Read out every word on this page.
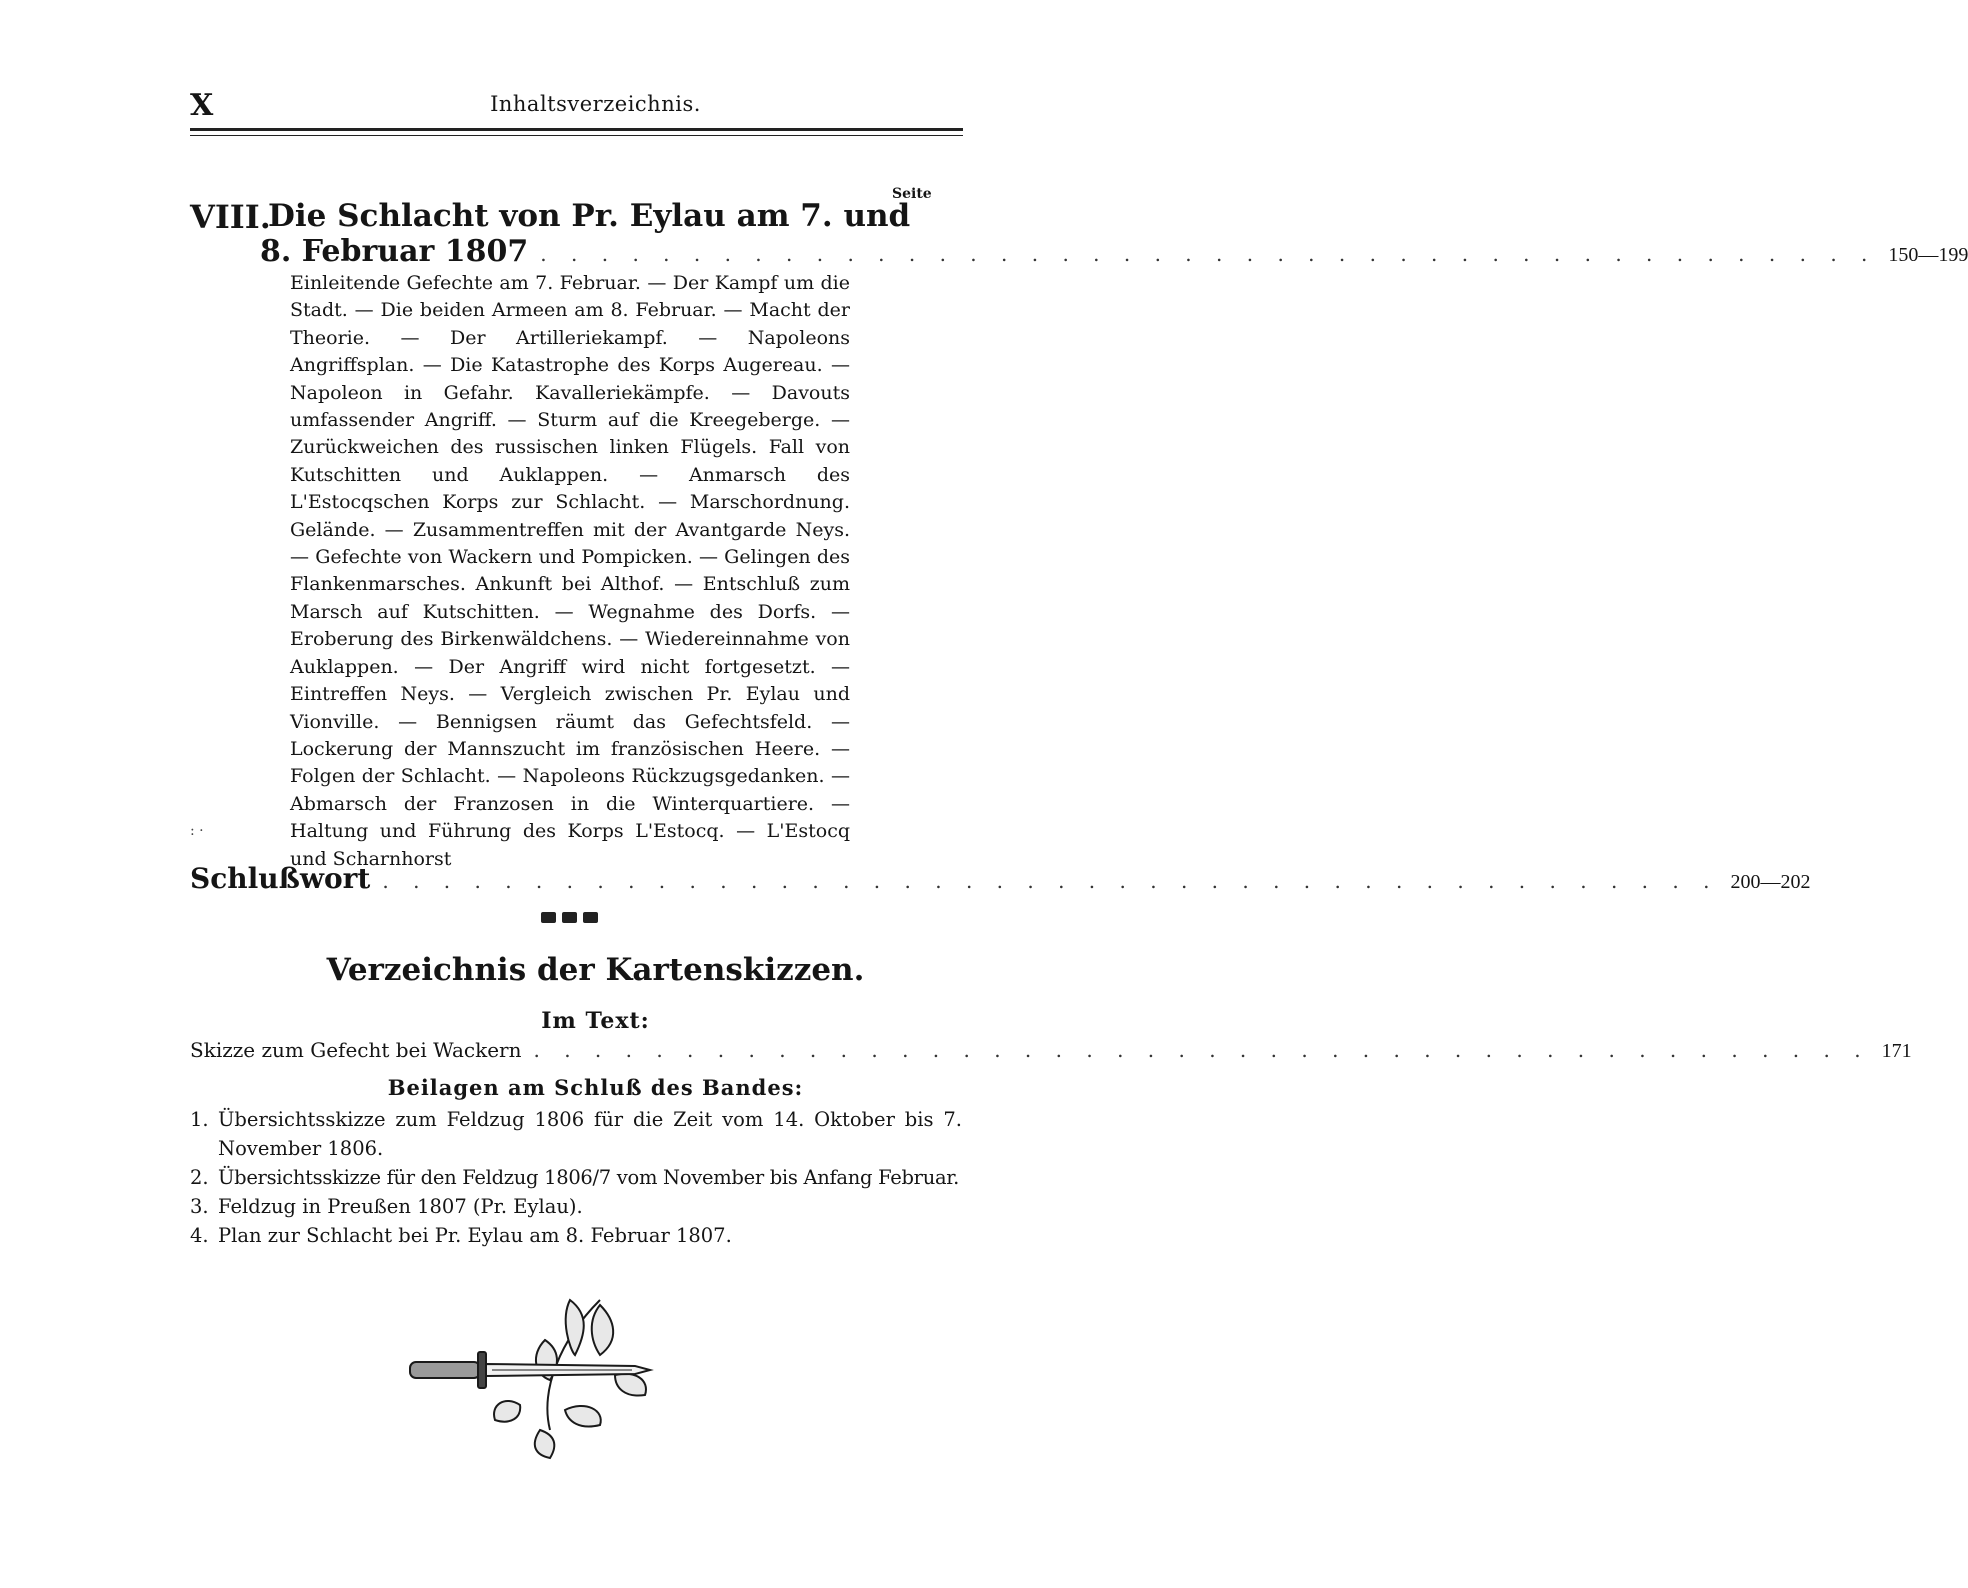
X	Inhaltsverzeichnis.
Seite
VIII.
Die Schlacht von Pr. Eylau am 7. und
8. Februar 1807 . . . . . . . . . . . . . . . . . . . . . . . . . . . . . . . . . . . . . . . . . . . . 150—199
Einleitende Gefechte am 7. Februar. — Der Kampf um die Stadt. — Die beiden Armeen am 8. Februar. — Macht der Theorie. — Der Artilleriekampf. — Napoleons Angriffsplan. — Die Katastrophe des Korps Augereau. — Napoleon in Gefahr. Kavalleriekämpfe. — Davouts umfassender Angriff. — Sturm auf die Kreegeberge. — Zurückweichen des russischen linken Flügels. Fall von Kutschitten und Auklappen. — Anmarsch des L'Estocqschen Korps zur Schlacht. — Marschordnung. Gelände. — Zusammentreffen mit der Avantgarde Neys. — Gefechte von Wackern und Pompicken. — Gelingen des Flankenmarsches. Ankunft bei Althof. — Entschluß zum Marsch auf Kutschitten. — Wegnahme des Dorfs. — Eroberung des Birkenwäldchens. — Wiedereinnahme von Auklappen. — Der Angriff wird nicht fortgesetzt. — Eintreffen Neys. — Vergleich zwischen Pr. Eylau und Vionville. — Bennigsen räumt das Gefechtsfeld. — Lockerung der Mannszucht im französischen Heere. — Folgen der Schlacht. — Napoleons Rückzugsgedanken. — Abmarsch der Franzosen in die Winterquartiere. — Haltung und Führung des Korps L'Estocq. — L'Estocq und Scharnhorst
: ·
Schlußwort . . . . . . . . . . . . . . . . . . . . . . . . . . . . . . . . . . . . . . . . . . . . 200—202
Verzeichnis der Kartenskizzen.
Im Text:
Skizze zum Gefecht bei Wackern . . . . . . . . . . . . . . . . . . . . . . . . . . . . . . . . . . . . . . . . . . . . 171
Beilagen am Schluß des Bandes:
1. Übersichtsskizze zum Feldzug 1806 für die Zeit vom 14. Oktober bis 7. November 1806.
2. Übersichtsskizze für den Feldzug 1806/7 vom November bis Anfang Februar.
3. Feldzug in Preußen 1807 (Pr. Eylau).
4. Plan zur Schlacht bei Pr. Eylau am 8. Februar 1807.
